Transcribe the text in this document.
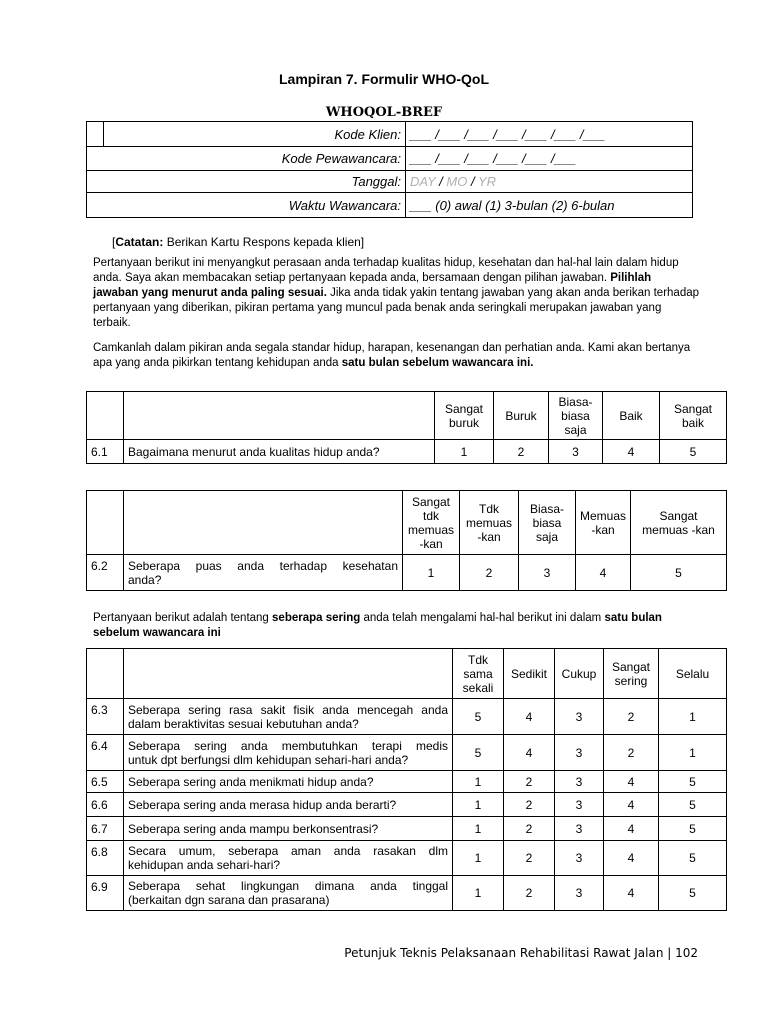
Lampiran 7. Formulir WHO-QoL
WHOQOL-BREF
	Kode Klien:	___ /___ /___ /___ /___ /___ /___
Kode Pewawancara:		___ /___ /___ /___ /___ /___
Tanggal:		DAY / MO / YR
Waktu Wawancara:		___ (0) awal (1) 3-bulan (2) 6-bulan
[Catatan: Berikan Kartu Respons kepada klien]
Pertanyaan berikut ini menyangkut perasaan anda terhadap kualitas hidup, kesehatan dan hal-hal lain dalam hidup anda. Saya akan membacakan setiap pertanyaan kepada anda, bersamaan dengan pilihan jawaban. Pilihlah jawaban yang menurut anda paling sesuai. Jika anda tidak yakin tentang jawaban yang akan anda berikan terhadap pertanyaan yang diberikan, pikiran pertama yang muncul pada benak anda seringkali merupakan jawaban yang terbaik.
Camkanlah dalam pikiran anda segala standar hidup, harapan, kesenangan dan perhatian anda. Kami akan bertanya apa yang anda pikirkan tentang kehidupan anda satu bulan sebelum wawancara ini.
		Sangat buruk	Buruk	Biasa-biasa saja	Baik	Sangat baik
6.1	Bagaimana menurut anda kualitas hidup anda?	1	2	3	4	5
		Sangat tdk memuas -kan	Tdk memuas -kan	Biasa-biasa saja	Memuas -kan	Sangat memuas -kan
6.2	Seberapa puas anda terhadap kesehatan
anda?	1	2	3	4	5
Pertanyaan berikut adalah tentang seberapa sering anda telah mengalami hal-hal berikut ini dalam satu bulan sebelum wawancara ini
		Tdk sama sekali	Sedikit	Cukup	Sangat sering	Selalu
6.3	Seberapa sering rasa sakit fisik anda mencegah anda
dalam beraktivitas sesuai kebutuhan anda?	5	4	3	2	1
6.4	Seberapa sering anda membutuhkan terapi medis
untuk dpt berfungsi dlm kehidupan sehari-hari anda?	5	4	3	2	1
6.5	Seberapa sering anda menikmati hidup anda?	1	2	3	4	5
6.6	Seberapa sering anda merasa hidup anda berarti?	1	2	3	4	5
6.7	Seberapa sering anda mampu berkonsentrasi?	1	2	3	4	5
6.8	Secara umum, seberapa aman anda rasakan dlm
kehidupan anda sehari-hari?	1	2	3	4	5
6.9	Seberapa sehat lingkungan dimana anda tinggal
(berkaitan dgn sarana dan prasarana)	1	2	3	4	5
Petunjuk Teknis Pelaksanaan Rehabilitasi Rawat Jalan | 102
